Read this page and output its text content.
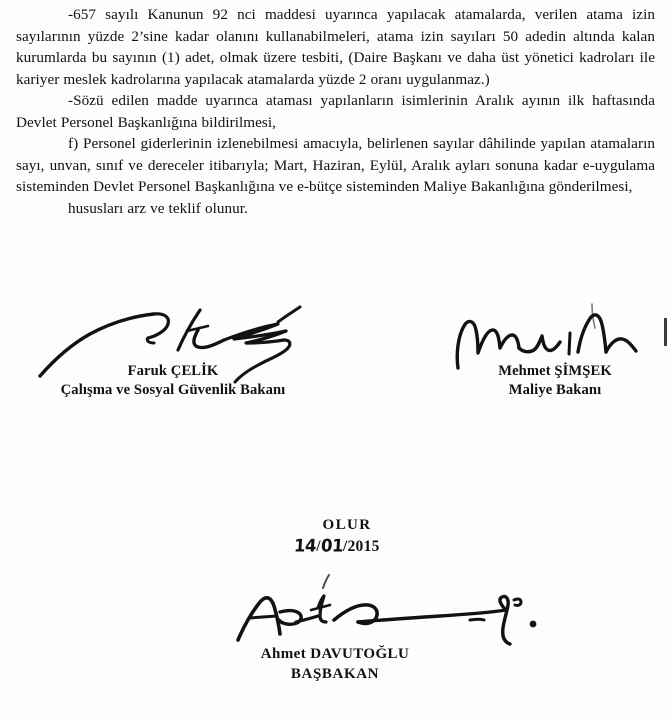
-657 sayılı Kanunun 92 nci maddesi uyarınca yapılacak atamalarda, verilen atama izin sayılarının yüzde 2’sine kadar olanını kullanabilmeleri, atama izin sayıları 50 adedin altında kalan kurumlarda bu sayının (1) adet, olmak üzere tesbiti, (Daire Başkanı ve daha üst yönetici kadroları ile kariyer meslek kadrolarına yapılacak atamalarda yüzde 2 oranı uygulanmaz.)

-Sözü edilen madde uyarınca ataması yapılanların isimlerinin Aralık ayının ilk haftasında Devlet Personel Başkanlığına bildirilmesi,

f) Personel giderlerinin izlenebilmesi amacıyla, belirlenen sayılar dâhilinde yapılan atamaların sayı, unvan, sınıf ve dereceler itibarıyla; Mart, Haziran, Eylül, Aralık ayları sonuna kadar e-uygulama sisteminden Devlet Personel Başkanlığına ve e-bütçe sisteminden Maliye Bakanlığına gönderilmesi,

hususları arz ve teklif olunur.

Faruk ÇELİK
Çalışma ve Sosyal Güvenlik Bakanı
Mehmet ŞİMŞEK
Maliye Bakanı
OLUR
14/01/2015
Ahmet DAVUTOĞLU
BAŞBAKAN
